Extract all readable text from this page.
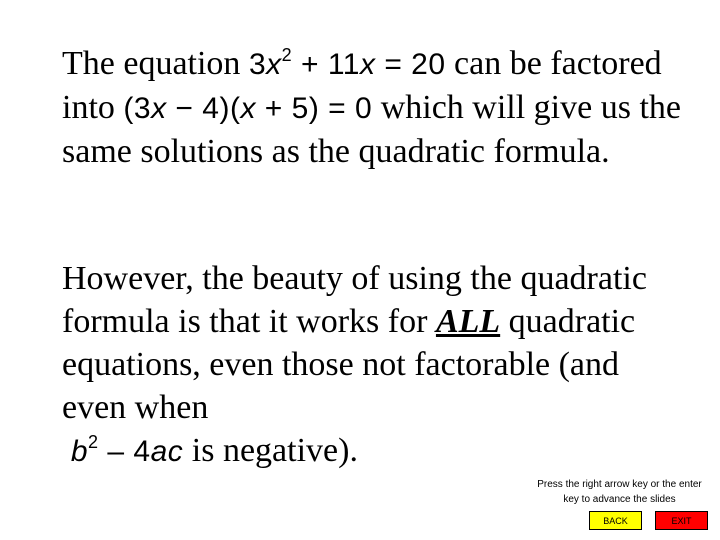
The equation $3x^2 + 11x = 20$ can be factored into (3x − 4)(x + 5) = 0 which will give us the same solutions as the quadratic formula.

However, the beauty of using the quadratic formula is that it works for ALL quadratic equations, even those not factorable (and even when
$b^2 - 4ac$ is negative).

Press the right arrow key or the enter key to advance the slides
BACK	EXIT
